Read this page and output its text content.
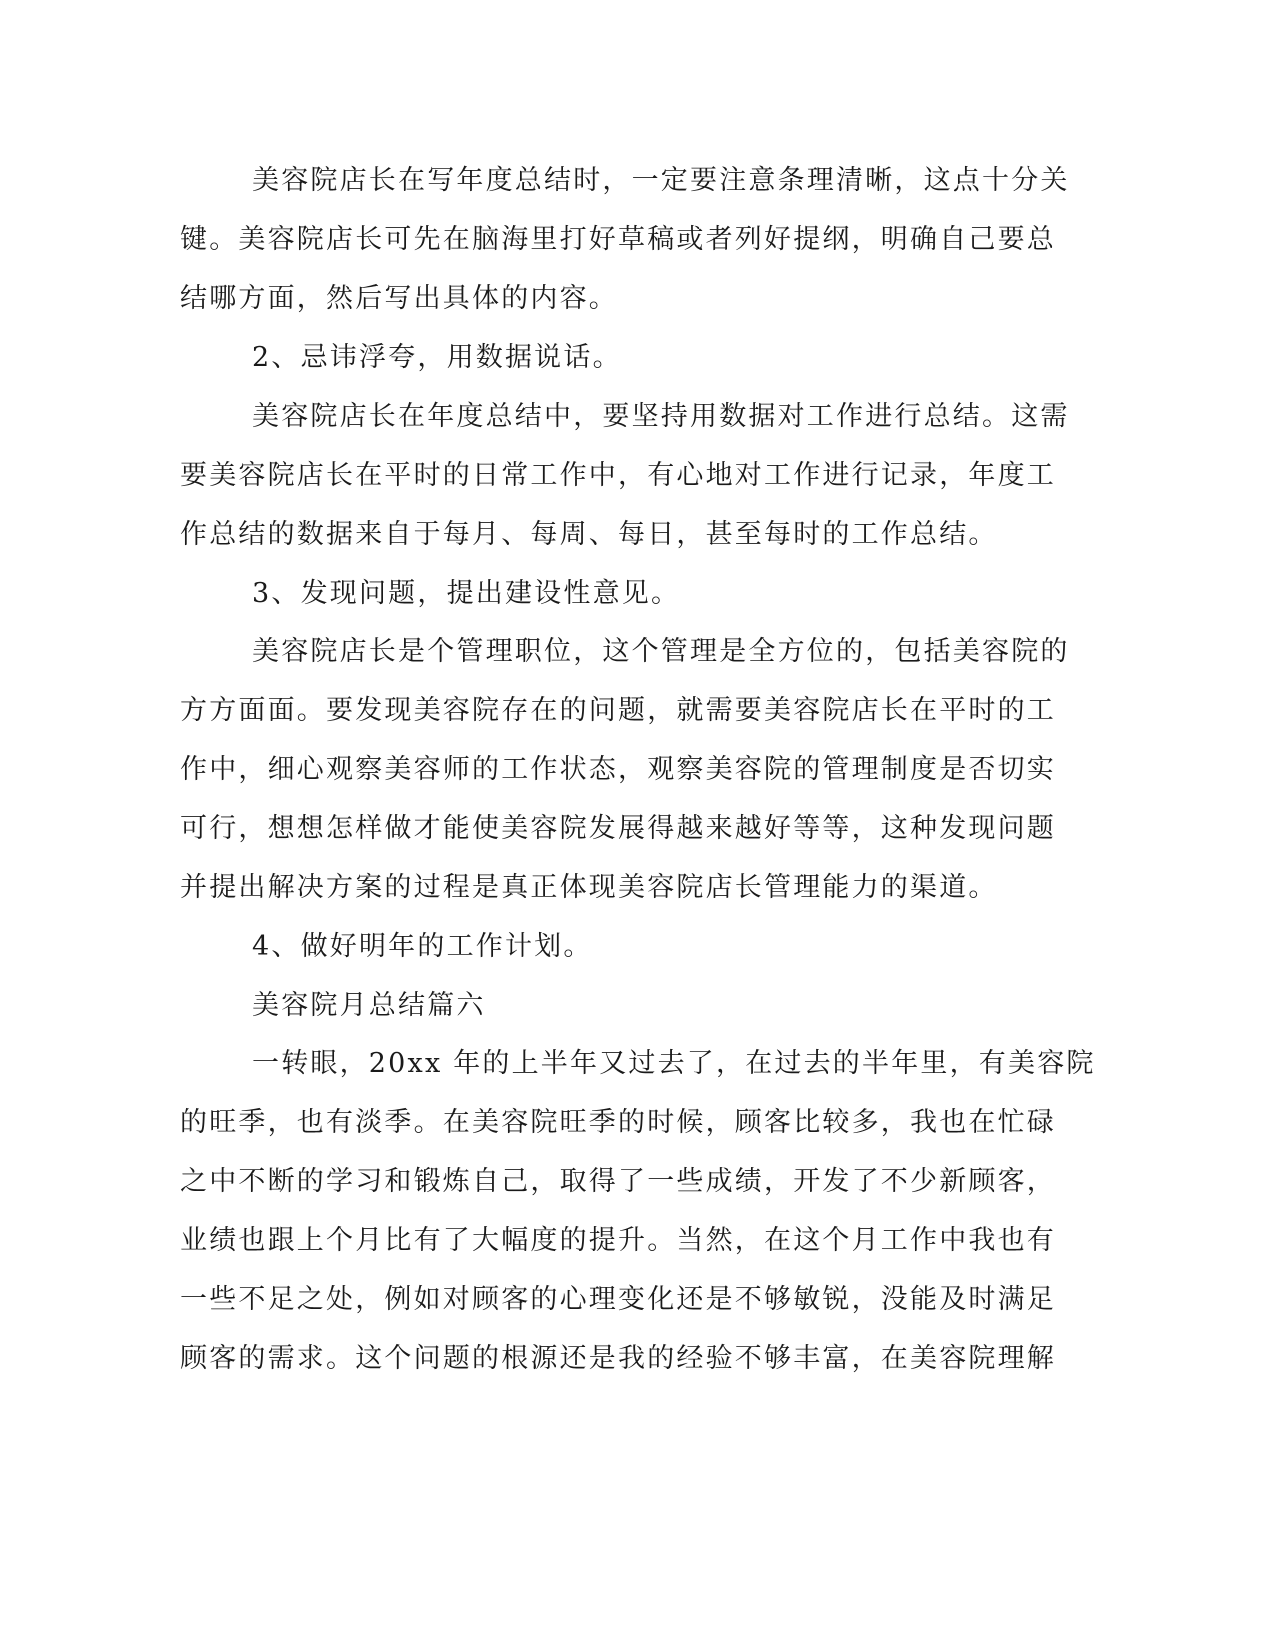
美容院店长在写年度总结时，一定要注意条理清晰，这点十分关

键。美容院店长可先在脑海里打好草稿或者列好提纲，明确自己要总

结哪方面，然后写出具体的内容。

2、忌讳浮夸，用数据说话。

美容院店长在年度总结中，要坚持用数据对工作进行总结。这需

要美容院店长在平时的日常工作中，有心地对工作进行记录，年度工

作总结的数据来自于每月、每周、每日，甚至每时的工作总结。

3、发现问题，提出建设性意见。

美容院店长是个管理职位，这个管理是全方位的，包括美容院的

方方面面。要发现美容院存在的问题，就需要美容院店长在平时的工

作中，细心观察美容师的工作状态，观察美容院的管理制度是否切实

可行，想想怎样做才能使美容院发展得越来越好等等，这种发现问题

并提出解决方案的过程是真正体现美容院店长管理能力的渠道。

4、做好明年的工作计划。

美容院月总结篇六

一转眼，20xx 年的上半年又过去了，在过去的半年里，有美容院

的旺季，也有淡季。在美容院旺季的时候，顾客比较多，我也在忙碌

之中不断的学习和锻炼自己，取得了一些成绩，开发了不少新顾客，

业绩也跟上个月比有了大幅度的提升。当然，在这个月工作中我也有

一些不足之处，例如对顾客的心理变化还是不够敏锐，没能及时满足

顾客的需求。这个问题的根源还是我的经验不够丰富，在美容院理解
